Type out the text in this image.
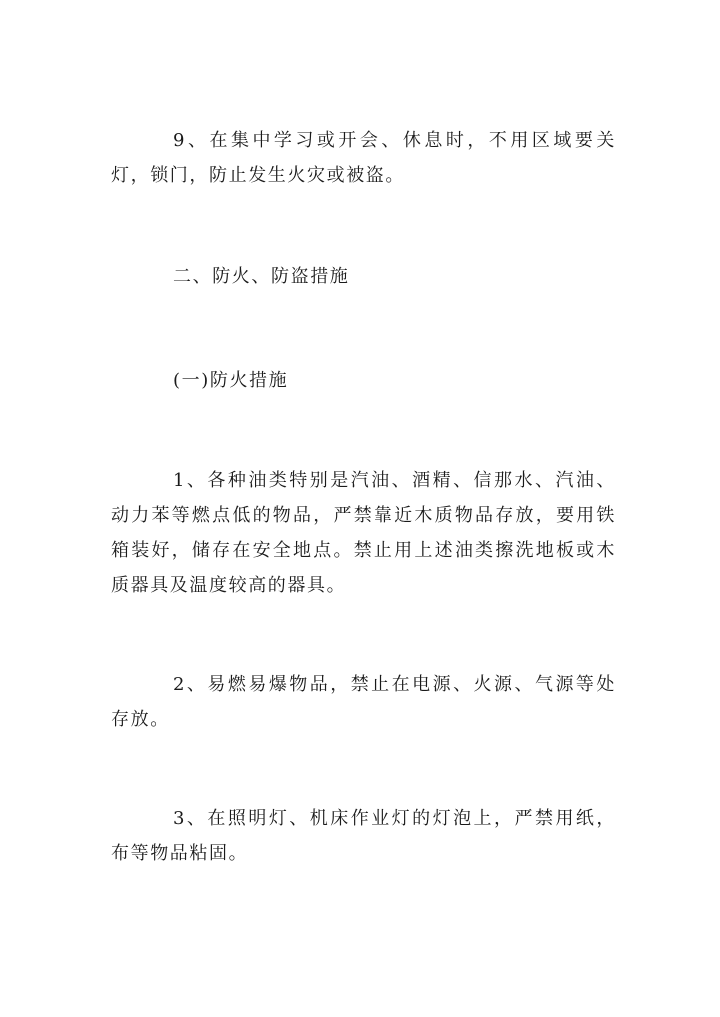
9、在集中学习或开会、休息时，不用区域要关灯，锁门，防止发生火灾或被盗。

二、防火、防盗措施

(一)防火措施

1、各种油类特别是汽油、酒精、信那水、汽油、动力苯等燃点低的物品，严禁靠近木质物品存放，要用铁箱装好，储存在安全地点。禁止用上述油类擦洗地板或木质器具及温度较高的器具。

2、易燃易爆物品，禁止在电源、火源、气源等处存放。

3、在照明灯、机床作业灯的灯泡上，严禁用纸，布等物品粘固。
